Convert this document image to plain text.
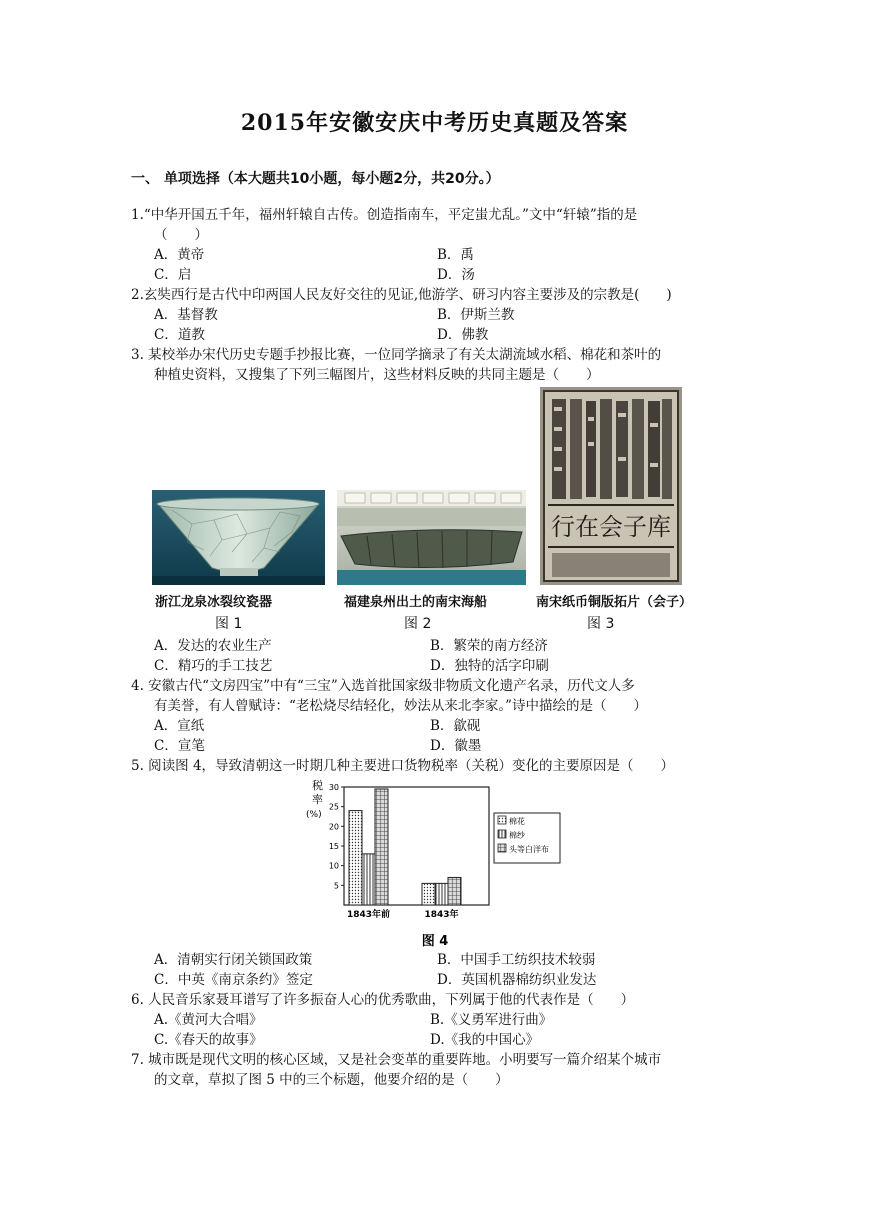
2015年安徽安庆中考历史真题及答案
一、 单项选择（本大题共10小题，每小题2分，共20分。）
1.“中华开国五千年，福州轩辕自古传。创造指南车，平定蚩尤乱。”文中“轩辕”指的是
（　　）
A．黄帝	B．禹
C．启	D．汤
2.玄奘西行是古代中印两国人民友好交往的见证,他游学、研习内容主要涉及的宗教是(　　)
A．基督教	B．伊斯兰教
C．道教	D．佛教
3. 某校举办宋代历史专题手抄报比赛，一位同学摘录了有关太湖流域水稻、棉花和茶叶的
种植史资料，又搜集了下列三幅图片，这些材料反映的共同主题是（　　）
浙江龙泉冰裂纹瓷器
图 1
福建泉州出土的南宋海船
图 2
行在会子库
南宋纸币铜版拓片（会子）
图 3
A．发达的农业生产	B．繁荣的南方经济
C．精巧的手工技艺	D．独特的活字印刷
4. 安徽古代“文房四宝”中有“三宝”入选首批国家级非物质文化遗产名录，历代文人多
有美誉，有人曾赋诗：“老松烧尽结轻化，妙法从来北李家。”诗中描绘的是（　　）
A．宣纸	B．歙砚
C．宣笔	D．徽墨
5. 阅读图 4，导致清朝这一时期几种主要进口货物税率（关税）变化的主要原因是（　　）
税
率
(%)
5
10
15
20
25
30
1843年前	1843年
棉花
棉纱
头等白洋布
图 4
A．清朝实行闭关锁国政策	B．中国手工纺织技术较弱
C．中英《南京条约》签定	D．英国机器棉纺织业发达
6. 人民音乐家聂耳谱写了许多振奋人心的优秀歌曲，下列属于他的代表作是（　　）
A.《黄河大合唱》	B.《义勇军进行曲》
C.《春天的故事》	D.《我的中国心》
7. 城市既是现代文明的核心区域，又是社会变革的重要阵地。小明要写一篇介绍某个城市
的文章，草拟了图 5 中的三个标题，他要介绍的是（　　）
